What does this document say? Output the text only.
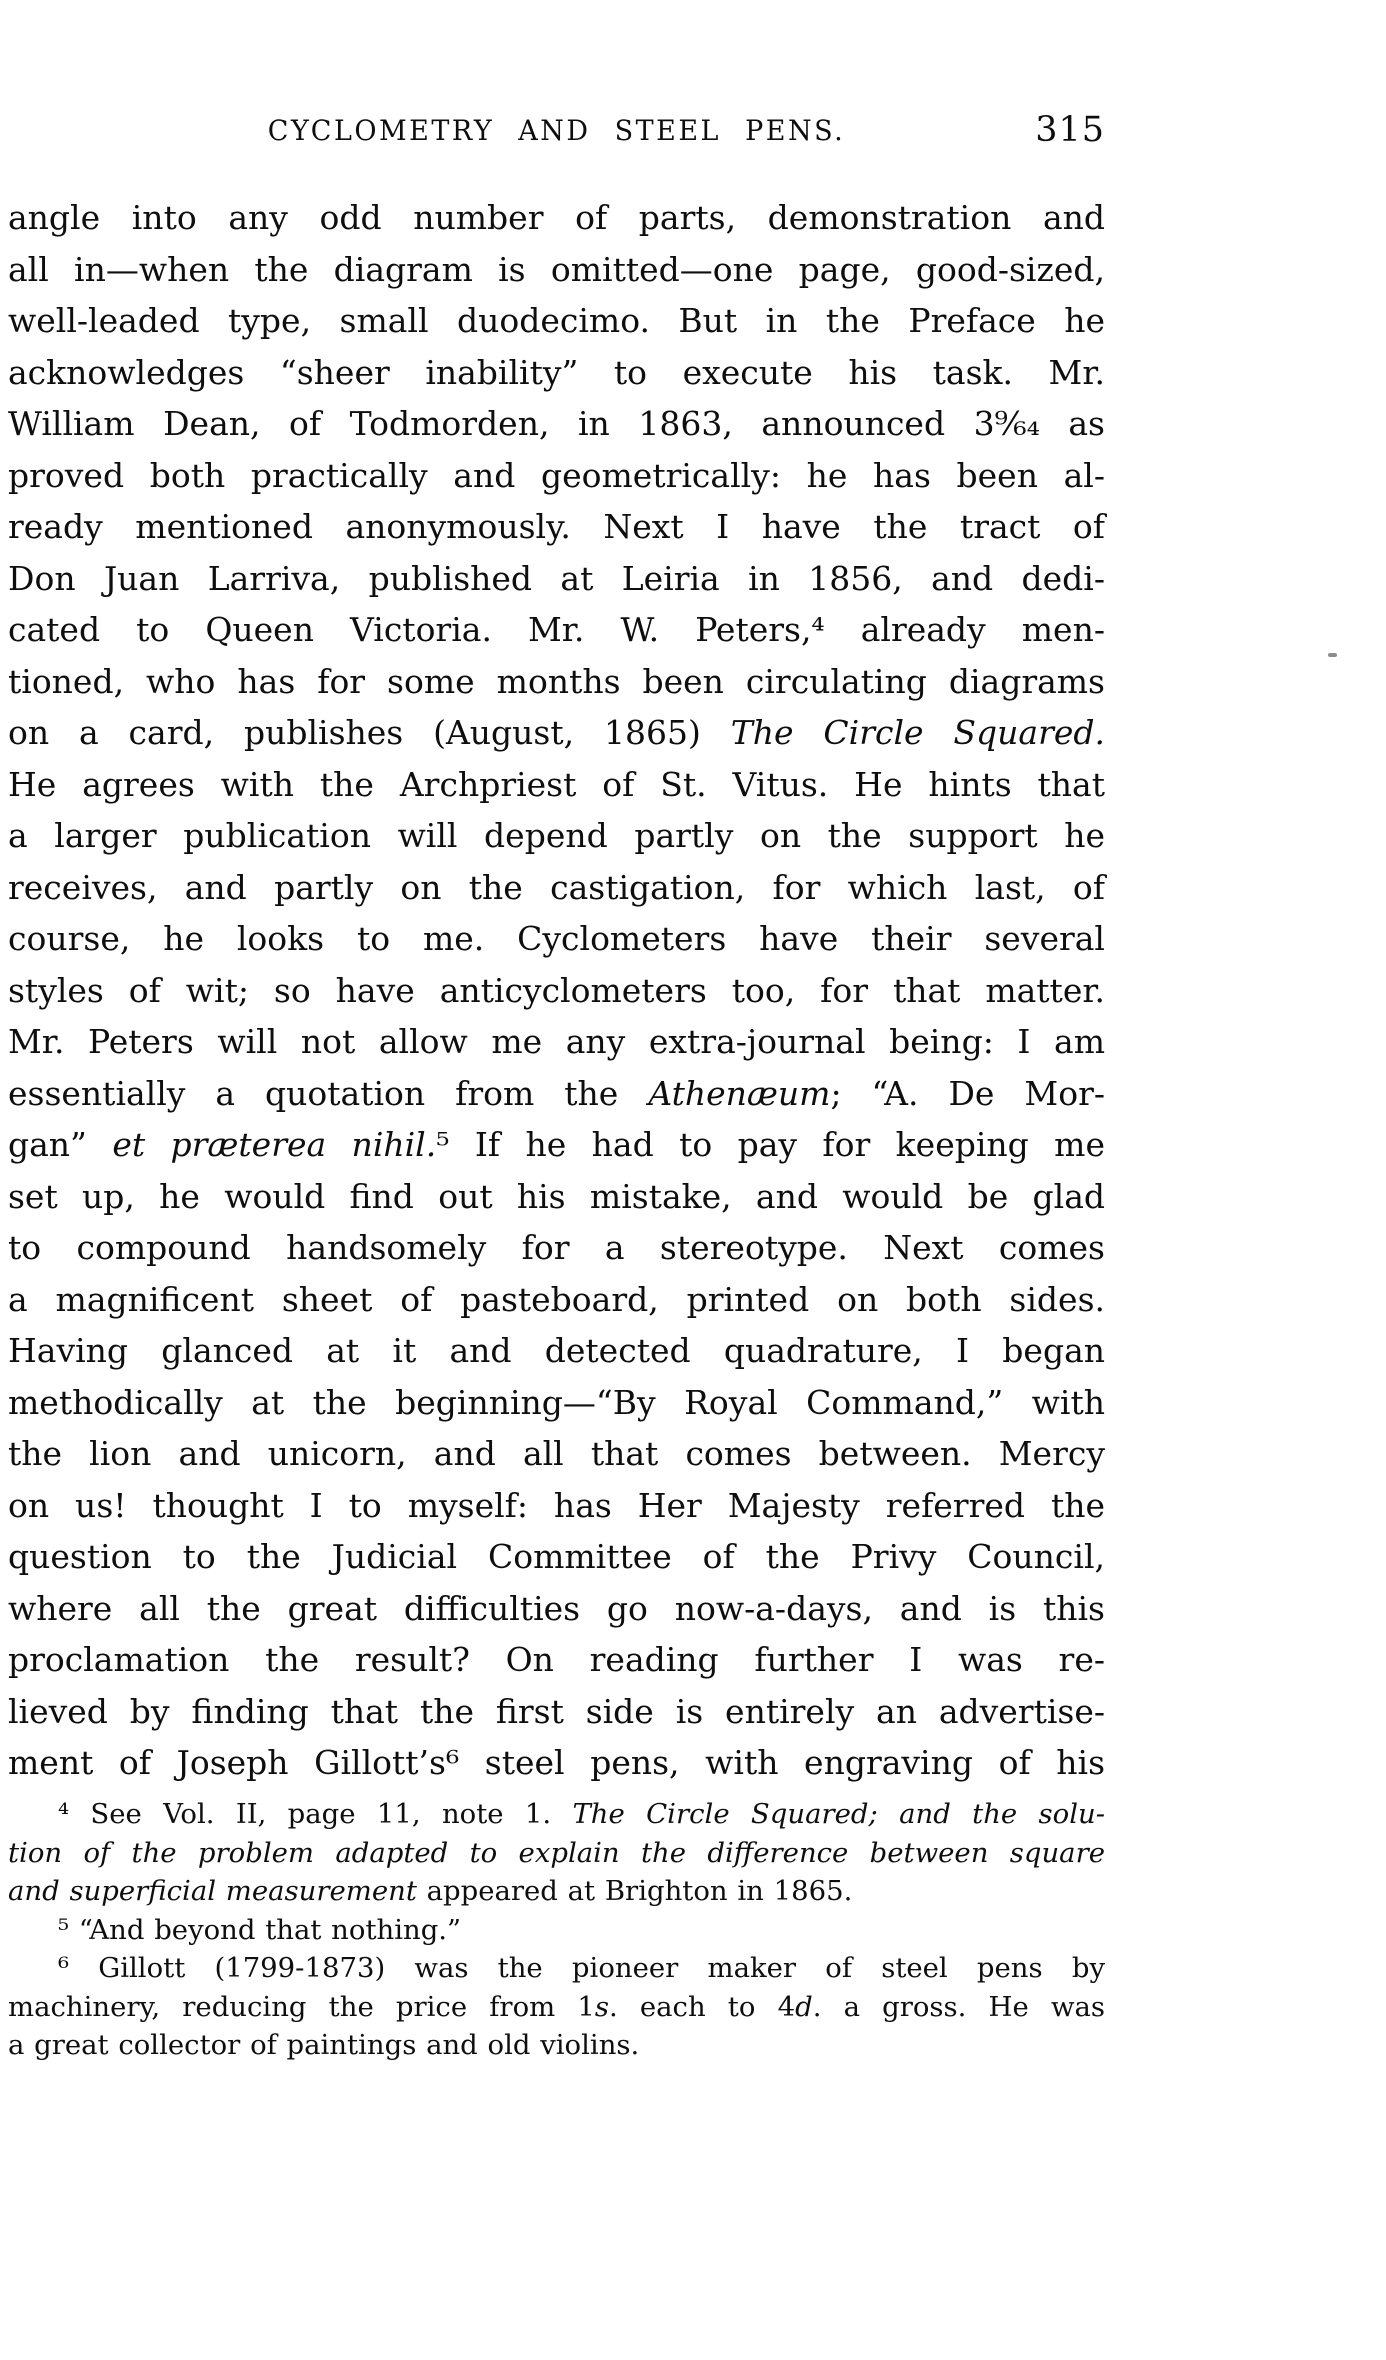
CYCLOMETRY AND STEEL PENS.	315
angle into any odd number of parts, demonstration and
all in—when the diagram is omitted—one page, good-sized,
well-leaded type, small duodecimo. But in the Preface he
acknowledges “sheer inability” to execute his task. Mr.
William Dean, of Todmorden, in 1863, announced 3⁹⁄₆₄ as
proved both practically and geometrically: he has been al-
ready mentioned anonymously. Next I have the tract of
Don Juan Larriva, published at Leiria in 1856, and dedi-
cated to Queen Victoria. Mr. W. Peters,⁴ already men-
tioned, who has for some months been circulating diagrams
on a card, publishes (August, 1865) The Circle Squared.
He agrees with the Archpriest of St. Vitus. He hints that
a larger publication will depend partly on the support he
receives, and partly on the castigation, for which last, of
course, he looks to me. Cyclometers have their several
styles of wit; so have anticyclometers too, for that matter.
Mr. Peters will not allow me any extra-journal being: I am
essentially a quotation from the Athenæum; “A. De Mor-
gan” et præterea nihil.⁵ If he had to pay for keeping me
set up, he would find out his mistake, and would be glad
to compound handsomely for a stereotype. Next comes
a magnificent sheet of pasteboard, printed on both sides.
Having glanced at it and detected quadrature, I began
methodically at the beginning—“By Royal Command,” with
the lion and unicorn, and all that comes between. Mercy
on us! thought I to myself: has Her Majesty referred the
question to the Judicial Committee of the Privy Council,
where all the great difficulties go now-a-days, and is this
proclamation the result? On reading further I was re-
lieved by finding that the first side is entirely an advertise-
ment of Joseph Gillott’s⁶ steel pens, with engraving of his
⁴ See Vol. II, page 11, note 1. The Circle Squared; and the solu-
tion of the problem adapted to explain the difference between square
and superficial measurement appeared at Brighton in 1865.
⁵ “And beyond that nothing.”
⁶ Gillott (1799-1873) was the pioneer maker of steel pens by
machinery, reducing the price from 1s. each to 4d. a gross. He was
a great collector of paintings and old violins.
